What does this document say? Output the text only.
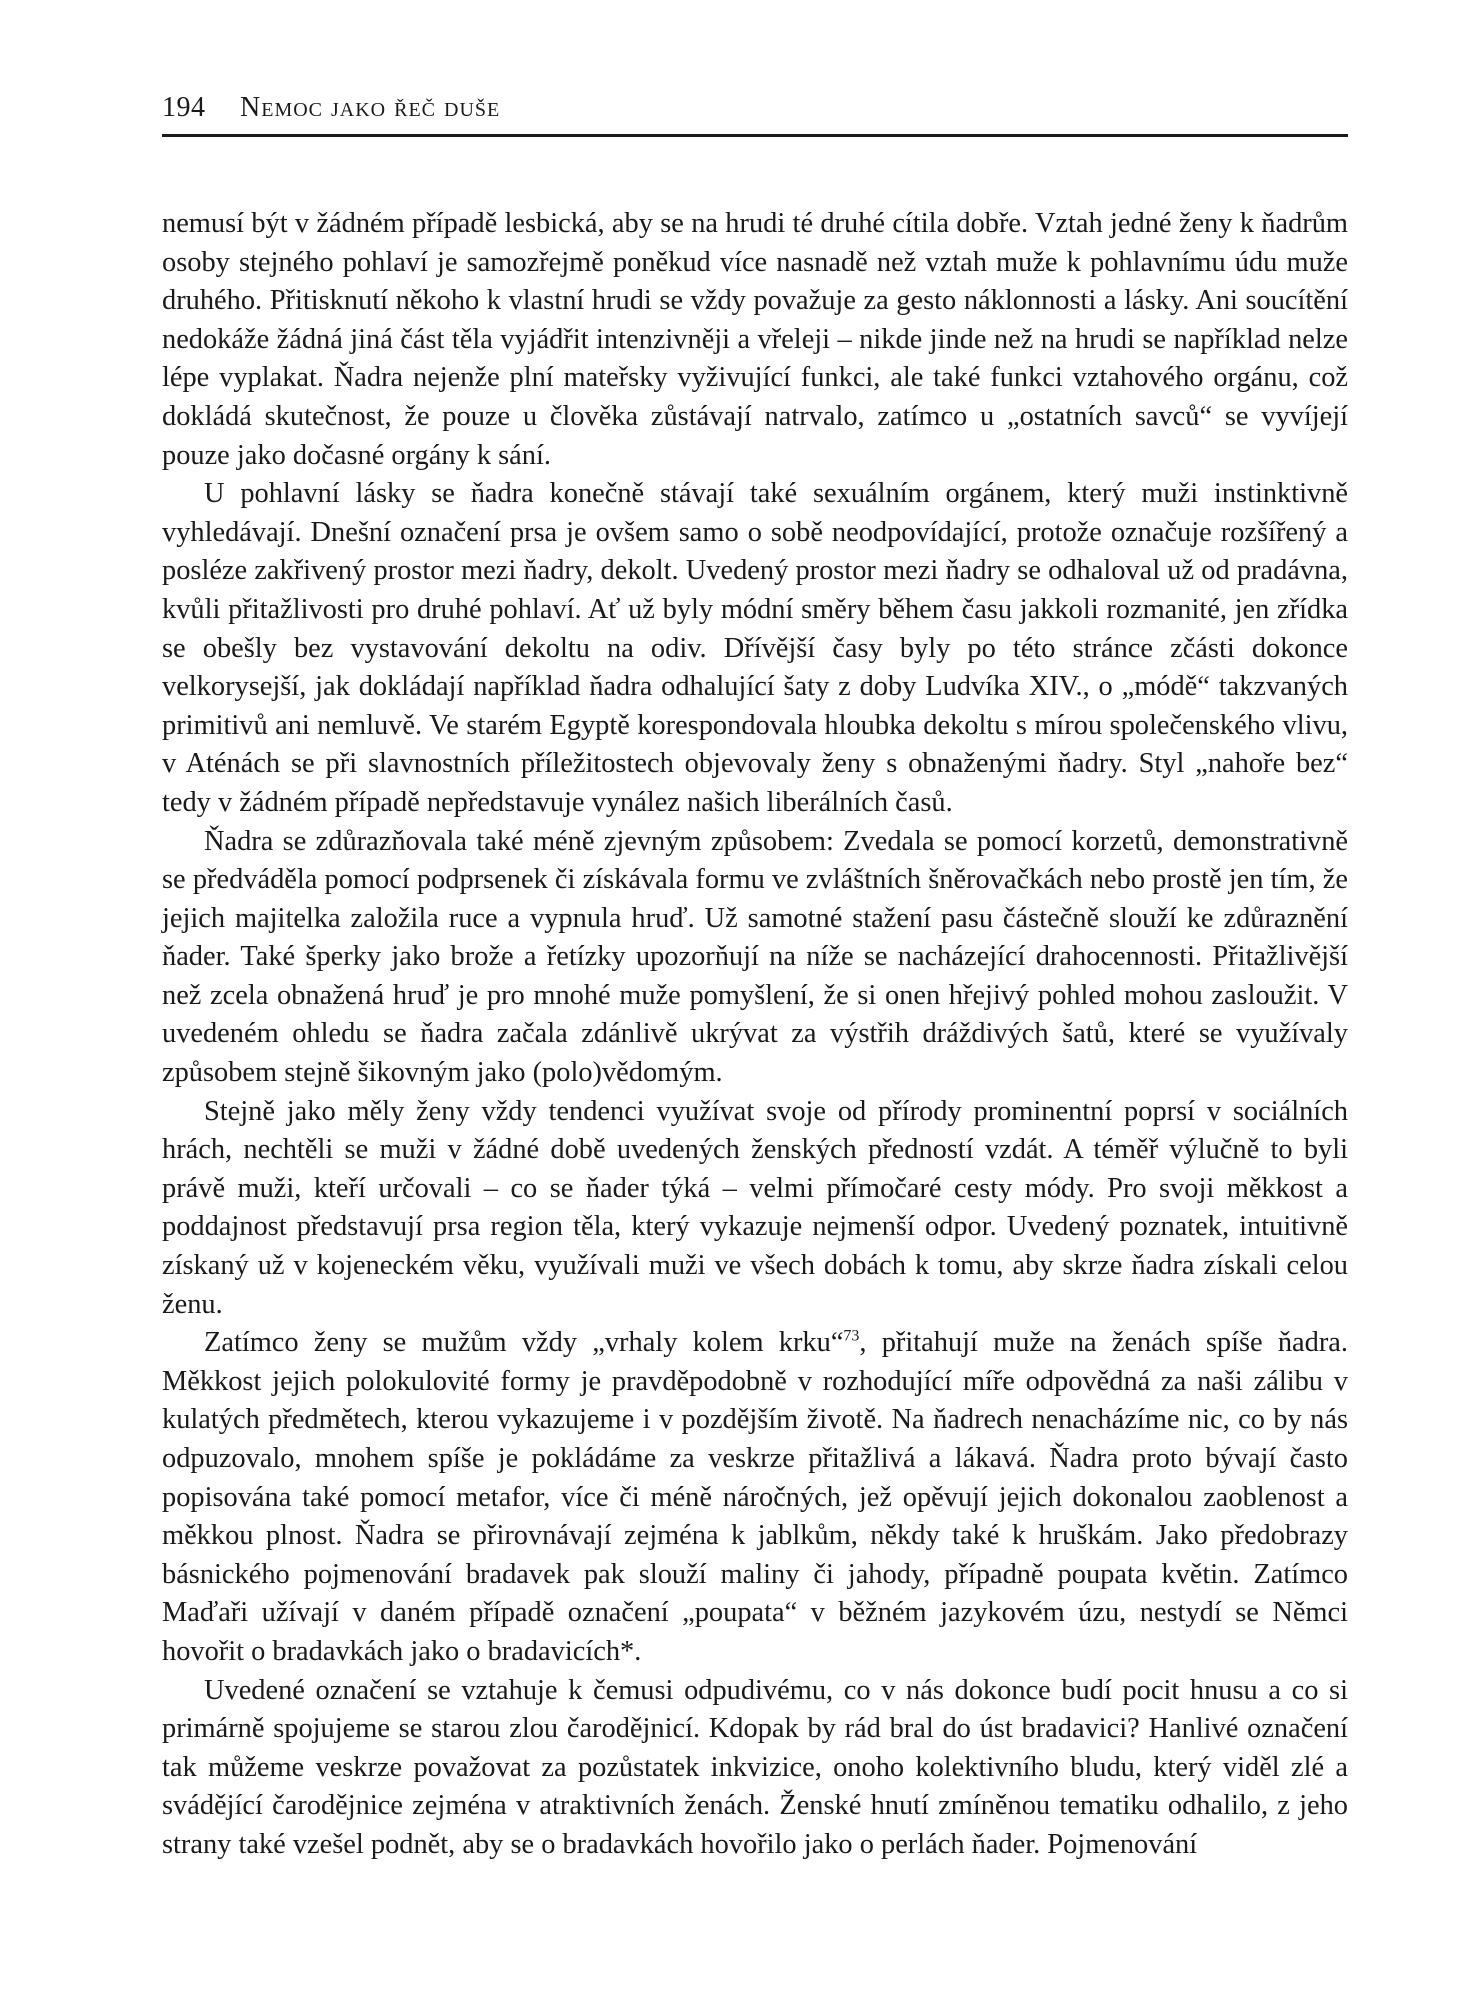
194 Nemoc jako řeč duše

nemusí být v žádném případě lesbická, aby se na hrudi té druhé cítila dobře. Vztah jedné ženy k ňadrům osoby stejného pohlaví je samozřejmě poněkud více nasnadě než vztah muže k pohlavnímu údu muže druhého. Přitisknutí někoho k vlastní hrudi se vždy považuje za gesto náklonnosti a lásky. Ani soucítění nedokáže žádná jiná část těla vyjádřit intenzivněji a vřeleji – nikde jinde než na hrudi se například nelze lépe vyplakat. Ňadra nejenže plní mateřsky vyživující funkci, ale také funkci vztahového orgánu, což dokládá skutečnost, že pouze u člověka zůstávají natrvalo, zatímco u „ostatních savců“ se vyvíjejí pouze jako dočasné orgány k sání.

U pohlavní lásky se ňadra konečně stávají také sexuálním orgánem, který muži instinktivně vyhledávají. Dnešní označení prsa je ovšem samo o sobě neodpovídající, protože označuje rozšířený a posléze zakřivený prostor mezi ňadry, dekolt. Uvedený prostor mezi ňadry se odhaloval už od pradávna, kvůli přitažlivosti pro druhé pohlaví. Ať už byly módní směry během času jakkoli rozmanité, jen zřídka se obešly bez vystavování dekoltu na odiv. Dřívější časy byly po této stránce zčásti dokonce velkorysejší, jak dokládají například ňadra odhalující šaty z doby Ludvíka XIV., o „módě“ takzvaných primitivů ani nemluvě. Ve starém Egyptě korespondovala hloubka dekoltu s mírou společenského vlivu, v Aténách se při slavnostních příležitostech objevovaly ženy s obnaženými ňadry. Styl „nahoře bez“ tedy v žádném případě nepředstavuje vynález našich liberálních časů.

Ňadra se zdůrazňovala také méně zjevným způsobem: Zvedala se pomocí korzetů, demonstrativně se předváděla pomocí podprsenek či získávala formu ve zvláštních šněrovačkách nebo prostě jen tím, že jejich majitelka založila ruce a vypnula hruď. Už samotné stažení pasu částečně slouží ke zdůraznění ňader. Také šperky jako brože a řetízky upozorňují na níže se nacházející drahocennosti. Přitažlivější než zcela obnažená hruď je pro mnohé muže pomyšlení, že si onen hřejivý pohled mohou zasloužit. V uvedeném ohledu se ňadra začala zdánlivě ukrývat za výstřih dráždivých šatů, které se využívaly způsobem stejně šikovným jako (polo)vědomým.

Stejně jako měly ženy vždy tendenci využívat svoje od přírody prominentní poprsí v sociálních hrách, nechtěli se muži v žádné době uvedených ženských předností vzdát. A téměř výlučně to byli právě muži, kteří určovali – co se ňader týká – velmi přímočaré cesty módy. Pro svoji měkkost a poddajnost představují prsa region těla, který vykazuje nejmenší odpor. Uvedený poznatek, intuitivně získaný už v kojeneckém věku, využívali muži ve všech dobách k tomu, aby skrze ňadra získali celou ženu.

Zatímco ženy se mužům vždy „vrhaly kolem krku“$^{73}$, přitahují muže na ženách spíše ňadra. Měkkost jejich polokulovité formy je pravděpodobně v rozhodující míře odpovědná za naši zálibu v kulatých předmětech, kterou vykazujeme i v pozdějším životě. Na ňadrech nenacházíme nic, co by nás odpuzovalo, mnohem spíše je pokládáme za veskrze přitažlivá a lákavá. Ňadra proto bývají často popisována také pomocí metafor, více či méně náročných, jež opěvují jejich dokonalou zaoblenost a měkkou plnost. Ňadra se přirovnávají zejména k jablkům, někdy také k hruškám. Jako předobrazy básnického pojmenování bradavek pak slouží maliny či jahody, případně poupata květin. Zatímco Maďaři užívají v daném případě označení „poupata“ v běžném jazykovém úzu, nestydí se Němci hovořit o bradavkách jako o bradavicích*.

Uvedené označení se vztahuje k čemusi odpudivému, co v nás dokonce budí pocit hnusu a co si primárně spojujeme se starou zlou čarodějnicí. Kdopak by rád bral do úst bradavici? Hanlivé označení tak můžeme veskrze považovat za pozůstatek inkvizice, onoho kolektivního bludu, který viděl zlé a svádějící čarodějnice zejména v atraktivních ženách. Ženské hnutí zmíněnou tematiku odhalilo, z jeho strany také vzešel podnět, aby se o bradavkách hovořilo jako o perlách ňader. Pojmenování
